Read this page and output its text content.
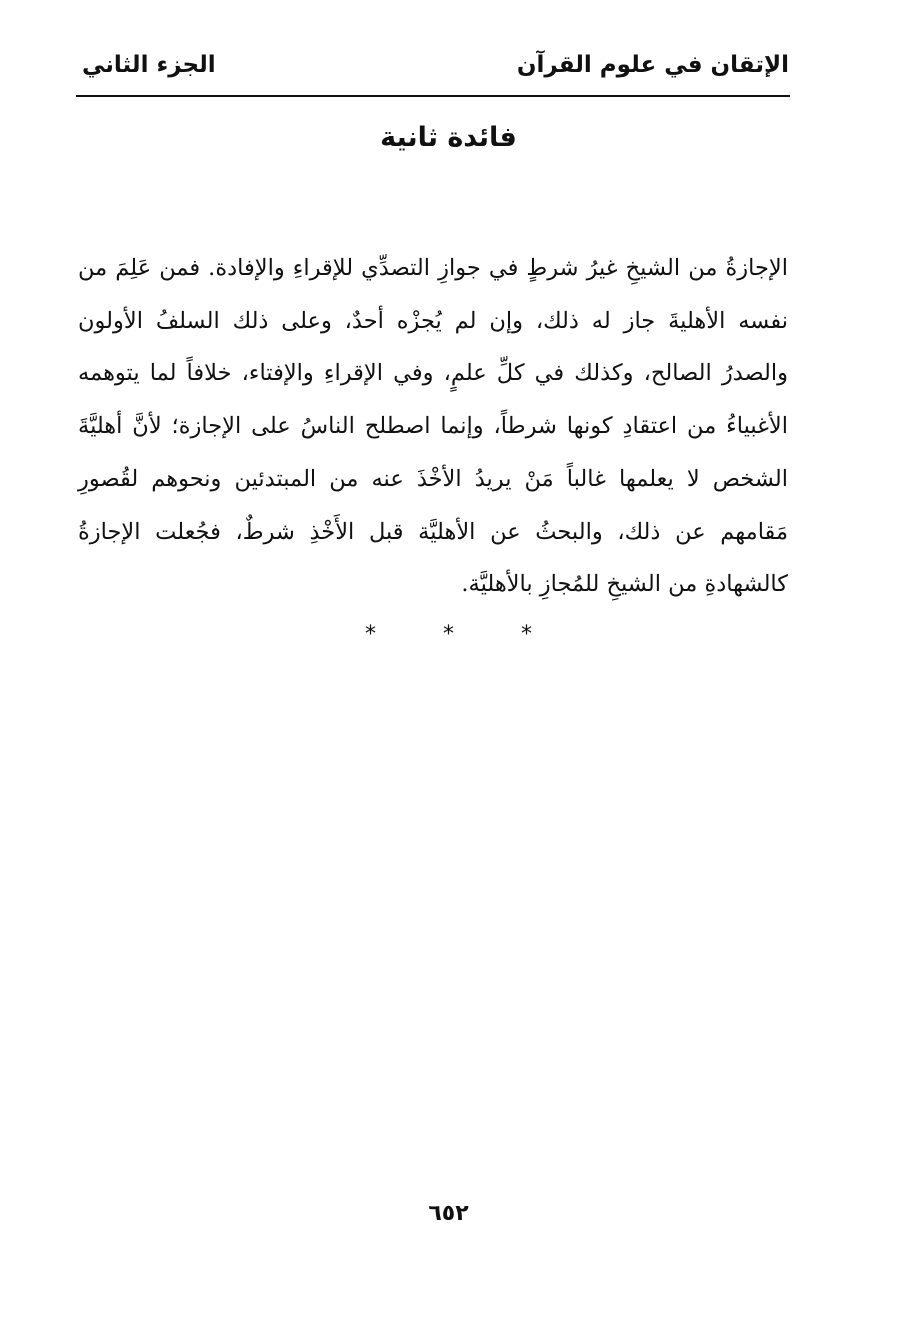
الجزء الثاني	الإتقان في علوم القرآن
فائدة ثانية
الإجازةُ من الشيخِ غيرُ شرطٍ في جوازِ التصدِّي للإقراءِ والإفادة. فمن عَلِمَ من نفسه الأهليةَ جاز له ذلك، وإن لم يُجزْه أحدٌ، وعلى ذلك السلفُ الأولون والصدرُ الصالح، وكذلك في كلِّ علمٍ، وفي الإقراءِ والإفتاء، خلافاً لما يتوهمه الأغبياءُ من اعتقادِ كونها شرطاً، وإنما اصطلح الناسُ على الإجازة؛ لأنَّ أهليَّةَ الشخص لا يعلمها غالباً مَنْ يريدُ الأخْذَ عنه من المبتدئين ونحوهم لقُصورِ مَقامهم عن ذلك، والبحثُ عن الأهليَّة قبل الأَخْذِ شرطٌ، فجُعلت الإجازةُ كالشهادةِ من الشيخِ للمُجازِ بالأهليَّة.
* * *
٦٥٢
